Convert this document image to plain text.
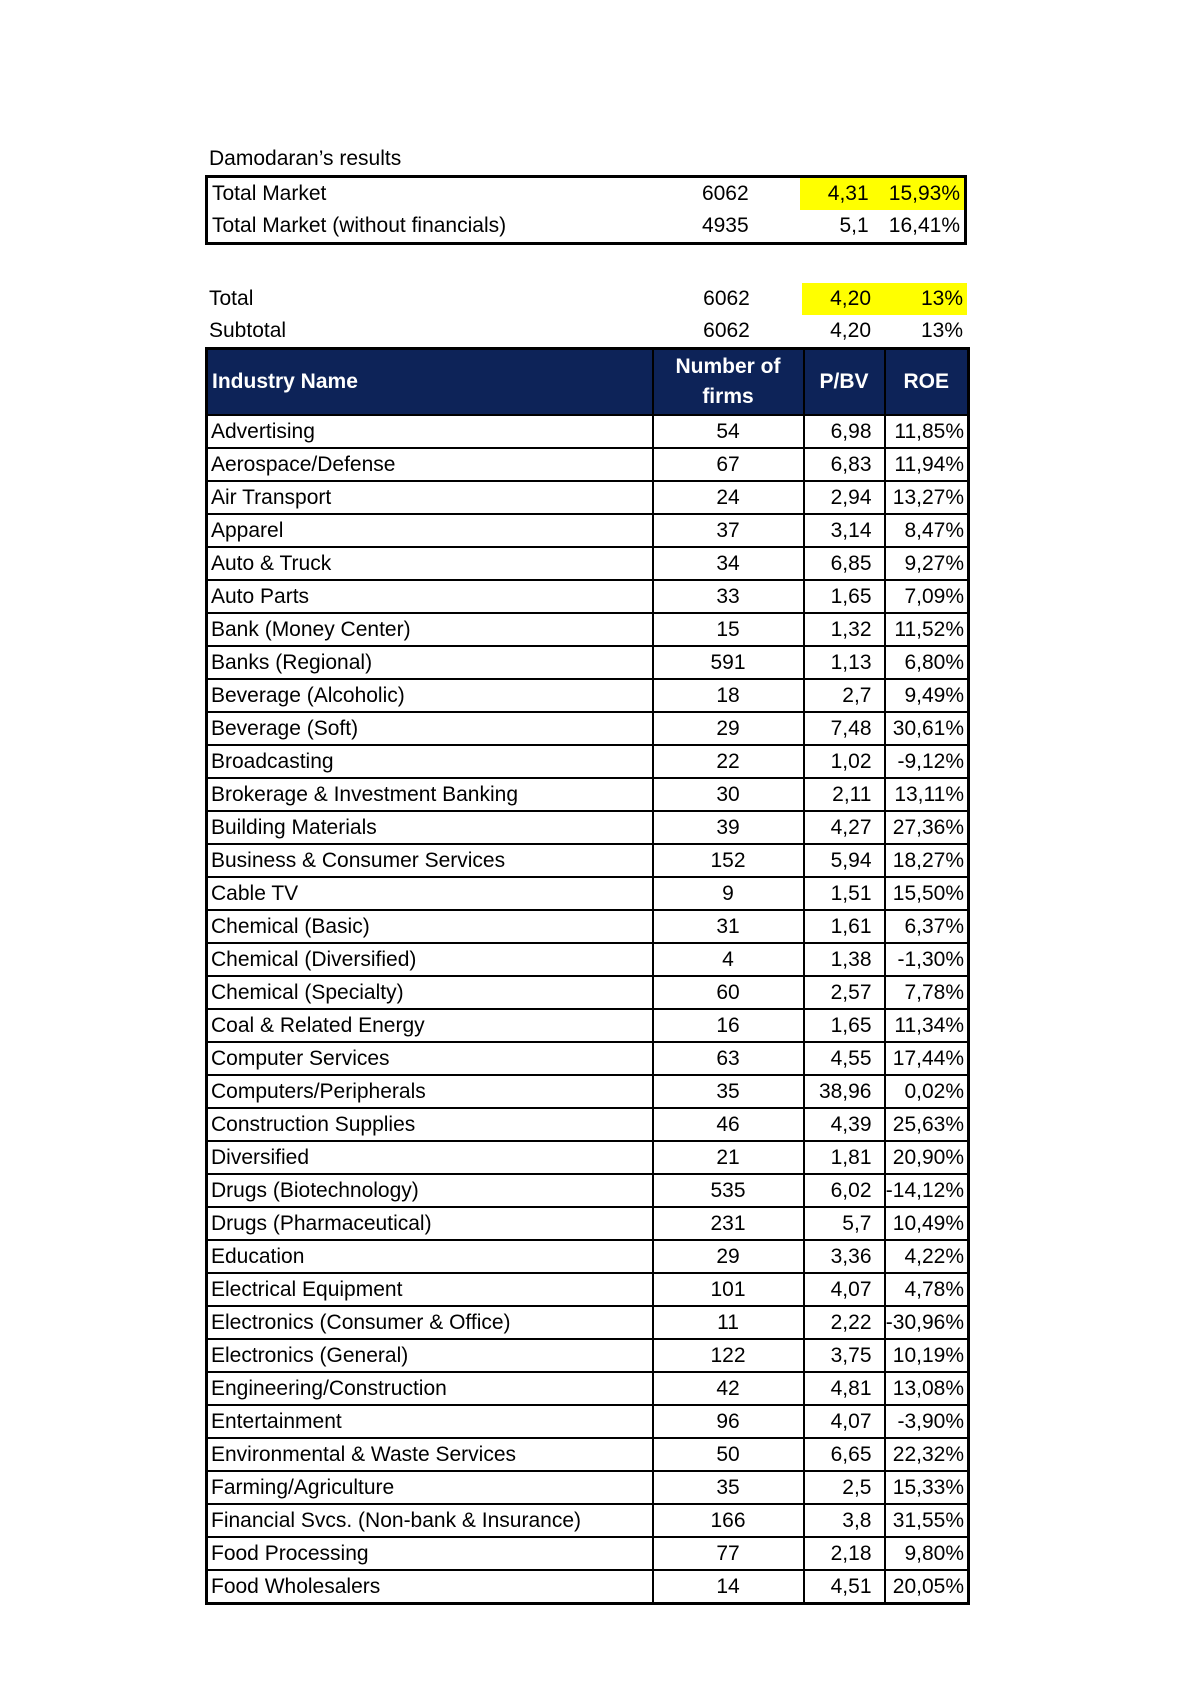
Damodaran’s results
Total Market	6062	4,31 15,93%
Total Market (without financials)	4935	5,1 16,41%
Total	6062	4,20	13%
Subtotal	6062	4,20	13%
Industry Name	Number of firms	P/BV	ROE
Advertising	54	6,98	11,85%
Aerospace/Defense	67	6,83	11,94%
Air Transport	24	2,94	13,27%
Apparel	37	3,14	8,47%
Auto & Truck	34	6,85	9,27%
Auto Parts	33	1,65	7,09%
Bank (Money Center)	15	1,32	11,52%
Banks (Regional)	591	1,13	6,80%
Beverage (Alcoholic)	18	2,7	9,49%
Beverage (Soft)	29	7,48	30,61%
Broadcasting	22	1,02	-9,12%
Brokerage & Investment Banking	30	2,11	13,11%
Building Materials	39	4,27	27,36%
Business & Consumer Services	152	5,94	18,27%
Cable TV	9	1,51	15,50%
Chemical (Basic)	31	1,61	6,37%
Chemical (Diversified)	4	1,38	-1,30%
Chemical (Specialty)	60	2,57	7,78%
Coal & Related Energy	16	1,65	11,34%
Computer Services	63	4,55	17,44%
Computers/Peripherals	35	38,96	0,02%
Construction Supplies	46	4,39	25,63%
Diversified	21	1,81	20,90%
Drugs (Biotechnology)	535	6,02	-14,12%
Drugs (Pharmaceutical)	231	5,7	10,49%
Education	29	3,36	4,22%
Electrical Equipment	101	4,07	4,78%
Electronics (Consumer & Office)	11	2,22	-30,96%
Electronics (General)	122	3,75	10,19%
Engineering/Construction	42	4,81	13,08%
Entertainment	96	4,07	-3,90%
Environmental & Waste Services	50	6,65	22,32%
Farming/Agriculture	35	2,5	15,33%
Financial Svcs. (Non-bank & Insurance)	166	3,8	31,55%
Food Processing	77	2,18	9,80%
Food Wholesalers	14	4,51	20,05%
